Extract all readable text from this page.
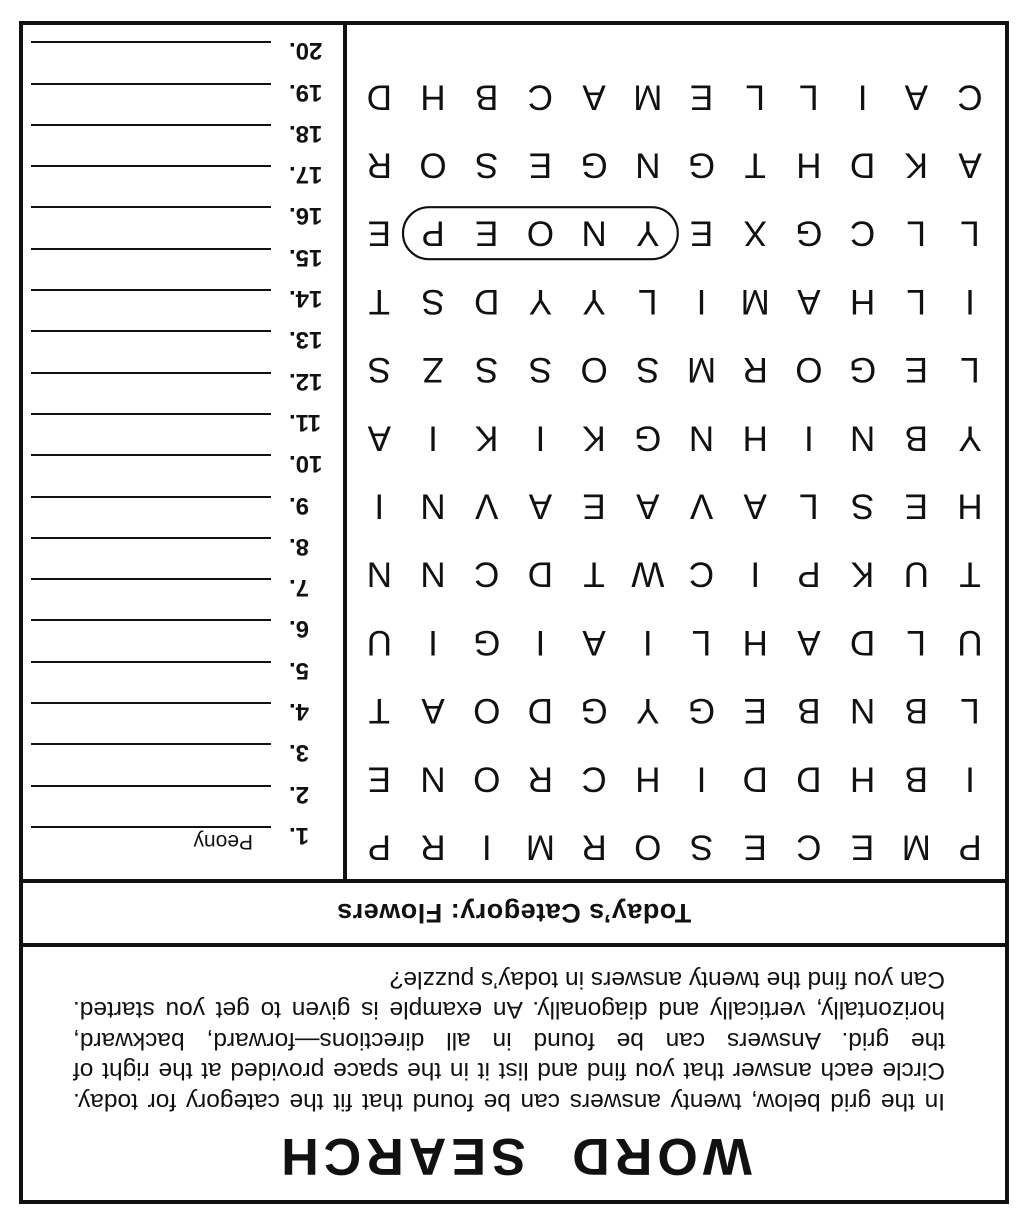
WORD SEARCH
In the grid below, twenty answers can be found that fit the category for today. Circle each answer that you find and list it in the space provided at the right of the grid. Answers can be found in all directions—forward, backward, horizontally, vertically and diagonally. An example is given to get you started. Can you find the twenty answers in today’s puzzle?
Today’s Category: Flowers
P
M
E
C
E
S
O
R
M
I
R
P
I
B
H
D
D
I
H
C
R
O
N
E
L
B
N
B
E
G
Y
G
D
O
A
T
U
L
D
A
H
L
I
A
I
G
I
U
T
U
K
P
I
C
W
T
D
C
N
N
H
E
S
L
A
V
A
E
A
V
N
I
Y
B
N
I
H
N
G
K
I
K
I
A
L
E
G
O
R
M
S
O
S
S
Z
S
I
L
H
A
M
I
L
Y
Y
D
S
T
L
L
C
G
X
E
Y
N
O
E
P
E
A
K
D
H
T
G
N
G
E
S
O
R
C
A
I
L
L
E
M
A
C
B
H
D
1.
Peony
2.
3.
4.
5.
6.
7.
8.
9.
10.
11.
12.
13.
14.
15.
16.
17.
18.
19.
20.
